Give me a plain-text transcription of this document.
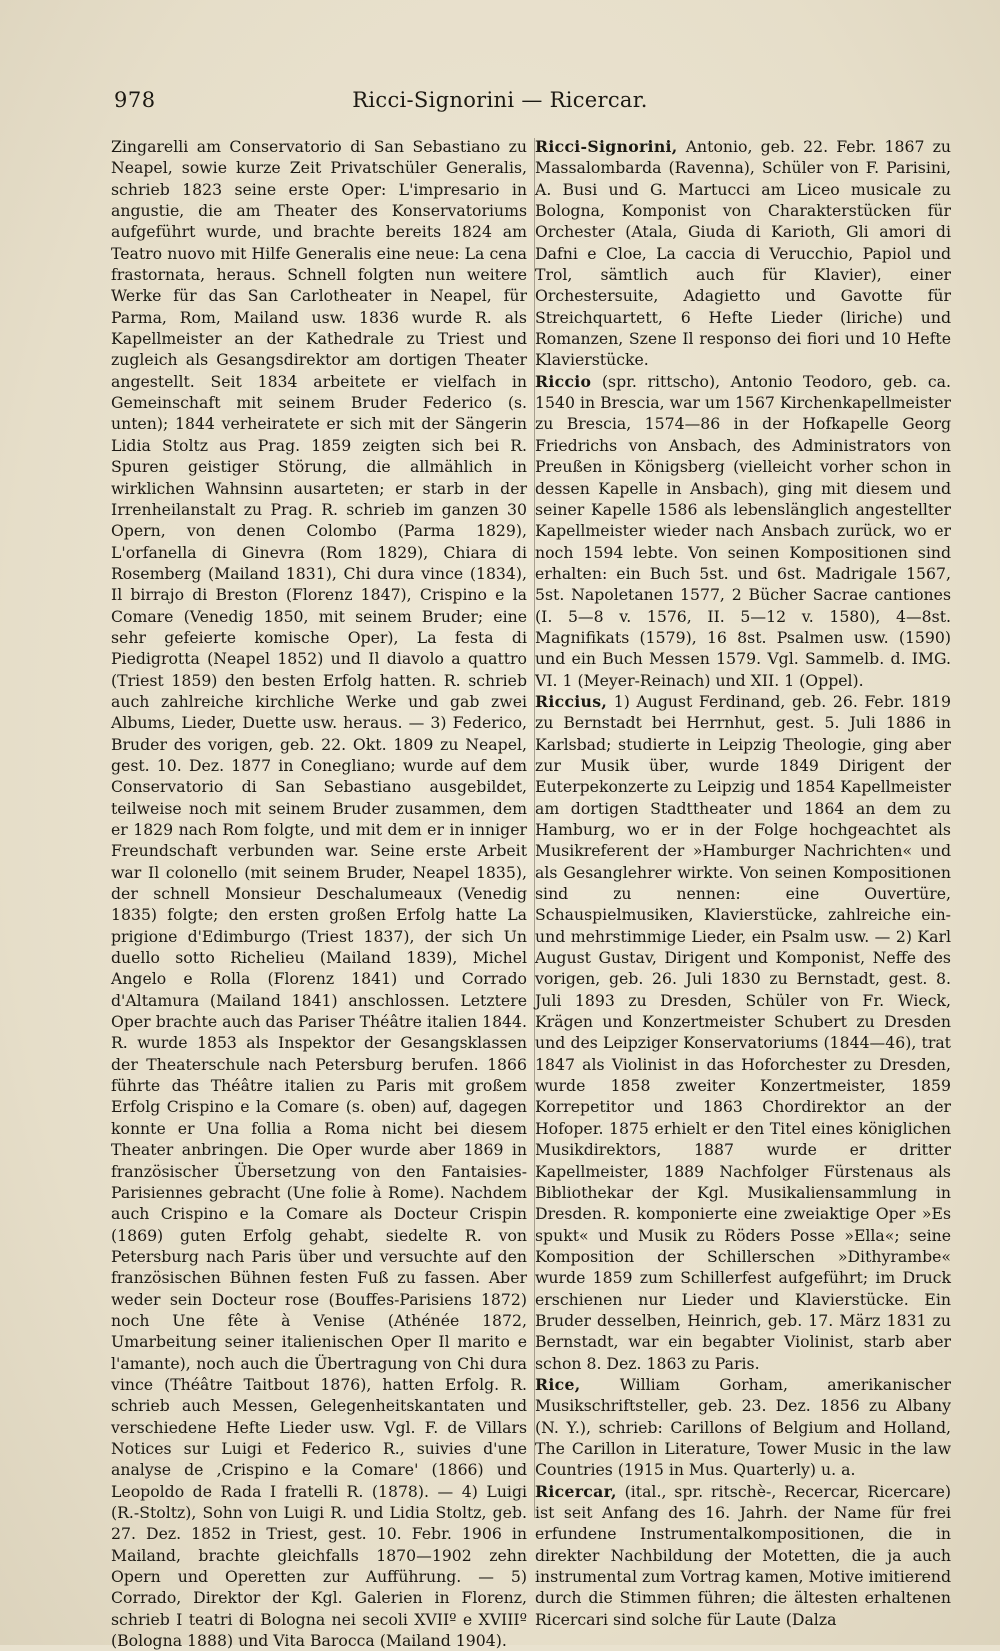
978	Ricci-Signorini — Ricercar.

Zingarelli am Conservatorio di San Sebastiano zu Neapel, sowie kurze Zeit Privatschüler Generalis, schrieb 1823 seine erste Oper: L'impresario in angustie, die am Theater des Konservatoriums aufgeführt wurde, und brachte bereits 1824 am Teatro nuovo mit Hilfe Generalis eine neue: La cena frastornata, heraus. Schnell folgten nun weitere Werke für das San Carlotheater in Neapel, für Parma, Rom, Mailand usw. 1836 wurde R. als Kapellmeister an der Kathedrale zu Triest und zugleich als Gesangsdirektor am dortigen Theater angestellt. Seit 1834 arbeitete er vielfach in Gemeinschaft mit seinem Bruder Federico (s. unten); 1844 verheiratete er sich mit der Sängerin Lidia Stoltz aus Prag. 1859 zeigten sich bei R. Spuren geistiger Störung, die allmählich in wirklichen Wahnsinn ausarteten; er starb in der Irrenheilanstalt zu Prag. R. schrieb im ganzen 30 Opern, von denen Colombo (Parma 1829), L'orfanella di Ginevra (Rom 1829), Chiara di Rosemberg (Mailand 1831), Chi dura vince (1834), Il birrajo di Breston (Florenz 1847), Crispino e la Comare (Venedig 1850, mit seinem Bruder; eine sehr gefeierte komische Oper), La festa di Piedigrotta (Neapel 1852) und Il diavolo a quattro (Triest 1859) den besten Erfolg hatten. R. schrieb auch zahlreiche kirchliche Werke und gab zwei Albums, Lieder, Duette usw. heraus. — 3) Federico, Bruder des vorigen, geb. 22. Okt. 1809 zu Neapel, gest. 10. Dez. 1877 in Conegliano; wurde auf dem Conservatorio di San Sebastiano ausgebildet, teilweise noch mit seinem Bruder zusammen, dem er 1829 nach Rom folgte, und mit dem er in inniger Freundschaft verbunden war. Seine erste Arbeit war Il colonello (mit seinem Bruder, Neapel 1835), der schnell Monsieur Deschalumeaux (Venedig 1835) folgte; den ersten großen Erfolg hatte La prigione d'Edimburgo (Triest 1837), der sich Un duello sotto Richelieu (Mailand 1839), Michel Angelo e Rolla (Florenz 1841) und Corrado d'Altamura (Mailand 1841) anschlossen. Letztere Oper brachte auch das Pariser Théâtre italien 1844. R. wurde 1853 als Inspektor der Gesangsklassen der Theaterschule nach Petersburg berufen. 1866 führte das Théâtre italien zu Paris mit großem Erfolg Crispino e la Comare (s. oben) auf, dagegen konnte er Una follia a Roma nicht bei diesem Theater anbringen. Die Oper wurde aber 1869 in französischer Übersetzung von den Fantaisies-Parisiennes gebracht (Une folie à Rome). Nachdem auch Crispino e la Comare als Docteur Crispin (1869) guten Erfolg gehabt, siedelte R. von Petersburg nach Paris über und versuchte auf den französischen Bühnen festen Fuß zu fassen. Aber weder sein Docteur rose (Bouffes-Parisiens 1872) noch Une fête à Venise (Athénée 1872, Umarbeitung seiner italienischen Oper Il marito e l'amante), noch auch die Übertragung von Chi dura vince (Théâtre Taitbout 1876), hatten Erfolg. R. schrieb auch Messen, Gelegenheitskantaten und verschiedene Hefte Lieder usw. Vgl. F. de Villars Notices sur Luigi et Federico R., suivies d'une analyse de ‚Crispino e la Comare' (1866) und Leopoldo de Rada I fratelli R. (1878). — 4) Luigi (R.-Stoltz), Sohn von Luigi R. und Lidia Stoltz, geb. 27. Dez. 1852 in Triest, gest. 10. Febr. 1906 in Mailand, brachte gleichfalls 1870—1902 zehn Opern und Operetten zur Aufführung. — 5) Corrado, Direktor der Kgl. Galerien in Florenz, schrieb I teatri di Bologna nei secoli XVIIº e XVIIIº (Bologna 1888) und Vita Barocca (Mailand 1904).

Ricci-Signorini, Antonio, geb. 22. Febr. 1867 zu Massalombarda (Ravenna), Schüler von F. Parisini, A. Busi und G. Martucci am Liceo musicale zu Bologna, Komponist von Charakterstücken für Orchester (Atala, Giuda di Karioth, Gli amori di Dafni e Cloe, La caccia di Verucchio, Papiol und Trol, sämtlich auch für Klavier), einer Orchestersuite, Adagietto und Gavotte für Streichquartett, 6 Hefte Lieder (liriche) und Romanzen, Szene Il responso dei fiori und 10 Hefte Klavierstücke.

Riccio (spr. rittscho), Antonio Teodoro, geb. ca. 1540 in Brescia, war um 1567 Kirchenkapellmeister zu Brescia, 1574—86 in der Hofkapelle Georg Friedrichs von Ansbach, des Administrators von Preußen in Königsberg (vielleicht vorher schon in dessen Kapelle in Ansbach), ging mit diesem und seiner Kapelle 1586 als lebenslänglich angestellter Kapellmeister wieder nach Ansbach zurück, wo er noch 1594 lebte. Von seinen Kompositionen sind erhalten: ein Buch 5st. und 6st. Madrigale 1567, 5st. Napoletanen 1577, 2 Bücher Sacrae cantiones (I. 5—8 v. 1576, II. 5—12 v. 1580), 4—8st. Magnifikats (1579), 16 8st. Psalmen usw. (1590) und ein Buch Messen 1579. Vgl. Sammelb. d. IMG. VI. 1 (Meyer-Reinach) und XII. 1 (Oppel).

Riccius, 1) August Ferdinand, geb. 26. Febr. 1819 zu Bernstadt bei Herrnhut, gest. 5. Juli 1886 in Karlsbad; studierte in Leipzig Theologie, ging aber zur Musik über, wurde 1849 Dirigent der Euterpekonzerte zu Leipzig und 1854 Kapellmeister am dortigen Stadttheater und 1864 an dem zu Hamburg, wo er in der Folge hochgeachtet als Musikreferent der »Hamburger Nachrichten« und als Gesanglehrer wirkte. Von seinen Kompositionen sind zu nennen: eine Ouvertüre, Schauspielmusiken, Klavierstücke, zahlreiche ein- und mehrstimmige Lieder, ein Psalm usw. — 2) Karl August Gustav, Dirigent und Komponist, Neffe des vorigen, geb. 26. Juli 1830 zu Bernstadt, gest. 8. Juli 1893 zu Dresden, Schüler von Fr. Wieck, Krägen und Konzertmeister Schubert zu Dresden und des Leipziger Konservatoriums (1844—46), trat 1847 als Violinist in das Hoforchester zu Dresden, wurde 1858 zweiter Konzertmeister, 1859 Korrepetitor und 1863 Chordirektor an der Hofoper. 1875 erhielt er den Titel eines königlichen Musikdirektors, 1887 wurde er dritter Kapellmeister, 1889 Nachfolger Fürstenaus als Bibliothekar der Kgl. Musikaliensammlung in Dresden. R. komponierte eine zweiaktige Oper »Es spukt« und Musik zu Röders Posse »Ella«; seine Komposition der Schillerschen »Dithyrambe« wurde 1859 zum Schillerfest aufgeführt; im Druck erschienen nur Lieder und Klavierstücke. Ein Bruder desselben, Heinrich, geb. 17. März 1831 zu Bernstadt, war ein begabter Violinist, starb aber schon 8. Dez. 1863 zu Paris.

Rice, William Gorham, amerikanischer Musikschriftsteller, geb. 23. Dez. 1856 zu Albany (N. Y.), schrieb: Carillons of Belgium and Holland, The Carillon in Literature, Tower Music in the law Countries (1915 in Mus. Quarterly) u. a.

Ricercar, (ital., spr. ritschè-, Recercar, Ricercare) ist seit Anfang des 16. Jahrh. der Name für frei erfundene Instrumentalkompositionen, die in direkter Nachbildung der Motetten, die ja auch instrumental zum Vortrag kamen, Motive imitierend durch die Stimmen führen; die ältesten erhaltenen Ricercari sind solche für Laute (Dalza
